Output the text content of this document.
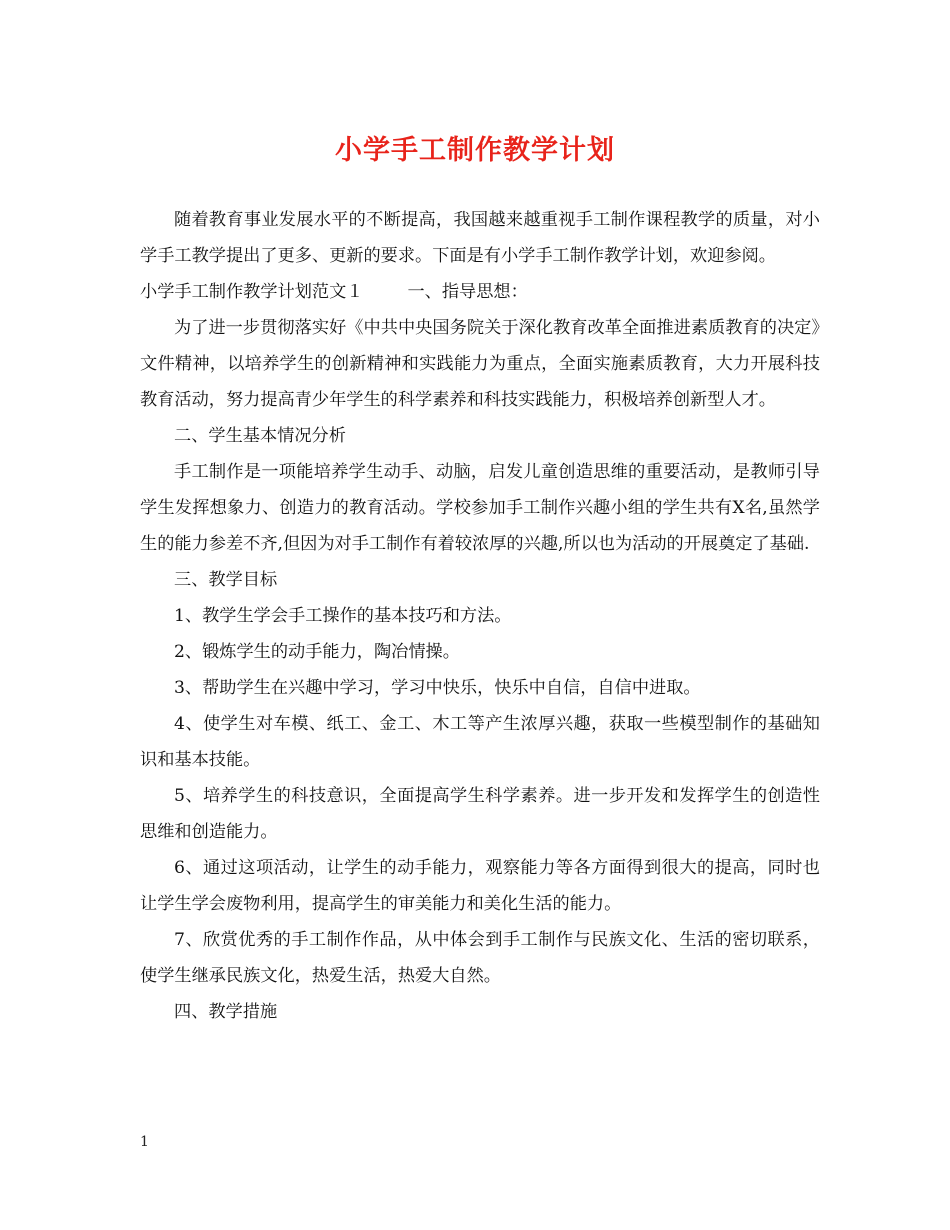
小学手工制作教学计划

随着教育事业发展水平的不断提高，我国越来越重视手工制作课程教学的质量，对小学手工教学提出了更多、更新的要求。下面是有小学手工制作教学计划，欢迎参阅。

小学手工制作教学计划范文１	一、指导思想：

为了进一步贯彻落实好《中共中央国务院关于深化教育改革全面推进素质教育的决定》文件精神，以培养学生的创新精神和实践能力为重点，全面实施素质教育，大力开展科技教育活动，努力提高青少年学生的科学素养和科技实践能力，积极培养创新型人才。

二、学生基本情况分析

手工制作是一项能培养学生动手、动脑，启发儿童创造思维的重要活动，是教师引导学生发挥想象力、创造力的教育活动。学校参加手工制作兴趣小组的学生共有X名,虽然学生的能力参差不齐,但因为对手工制作有着较浓厚的兴趣,所以也为活动的开展奠定了基础.

三、教学目标

1、教学生学会手工操作的基本技巧和方法。

2、锻炼学生的动手能力，陶冶情操。

3、帮助学生在兴趣中学习，学习中快乐，快乐中自信，自信中进取。

4、使学生对车模、纸工、金工、木工等产生浓厚兴趣，获取一些模型制作的基础知识和基本技能。

5、培养学生的科技意识，全面提高学生科学素养。进一步开发和发挥学生的创造性思维和创造能力。

6、通过这项活动，让学生的动手能力，观察能力等各方面得到很大的提高，同时也让学生学会废物利用，提高学生的审美能力和美化生活的能力。

7、欣赏优秀的手工制作作品，从中体会到手工制作与民族文化、生活的密切联系，使学生继承民族文化，热爱生活，热爱大自然。

四、教学措施

1
